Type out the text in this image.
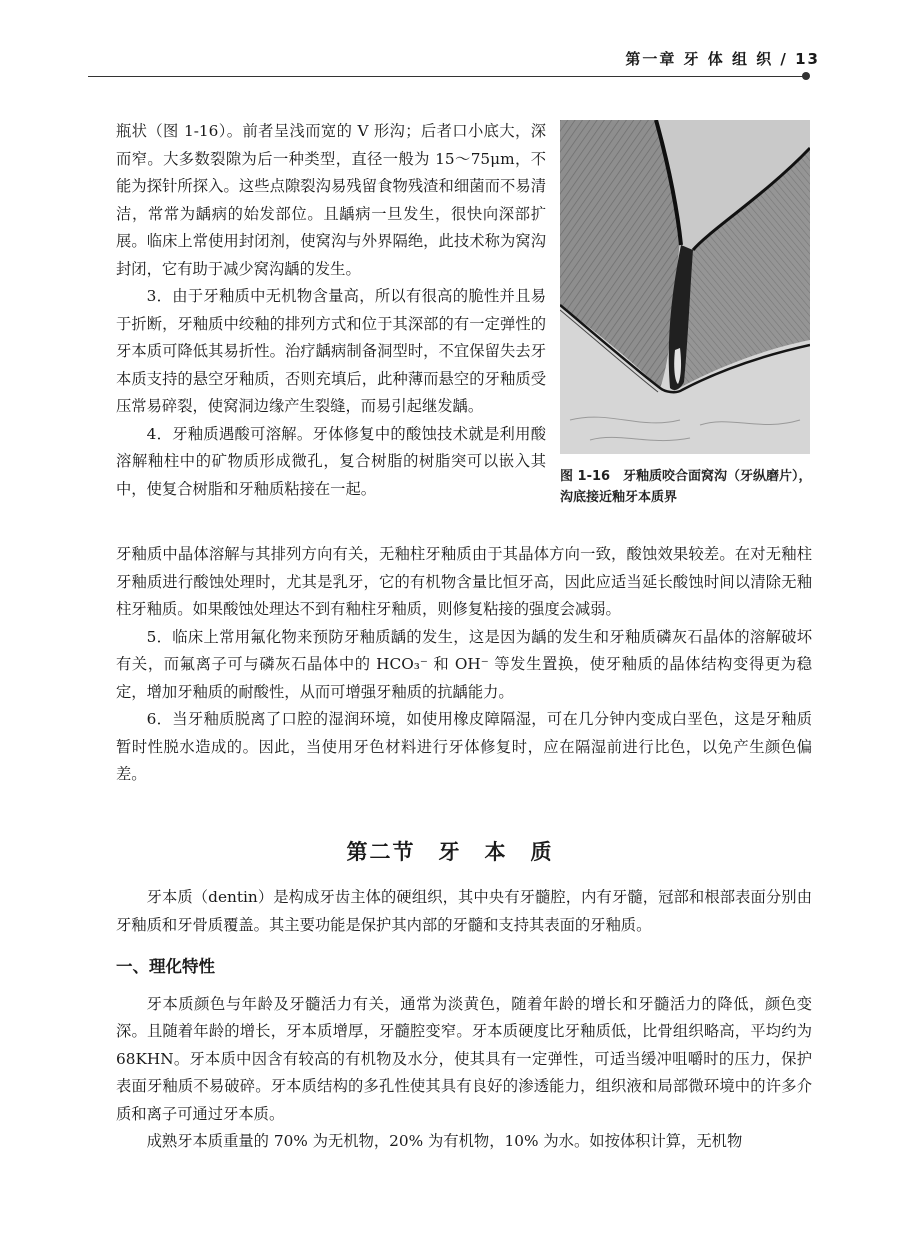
第一章 牙 体 组 织 / 13

瓶状（图 1-16）。前者呈浅而宽的 V 形沟；后者口小底大，深而窄。大多数裂隙为后一种类型，直径一般为 15～75μm，不能为探针所探入。这些点隙裂沟易残留食物残渣和细菌而不易清洁，常常为龋病的始发部位。且龋病一旦发生，很快向深部扩展。临床上常使用封闭剂，使窝沟与外界隔绝，此技术称为窝沟封闭，它有助于减少窝沟龋的发生。

3．由于牙釉质中无机物含量高，所以有很高的脆性并且易于折断，牙釉质中绞釉的排列方式和位于其深部的有一定弹性的牙本质可降低其易折性。治疗龋病制备洞型时，不宜保留失去牙本质支持的悬空牙釉质，否则充填后，此种薄而悬空的牙釉质受压常易碎裂，使窝洞边缘产生裂缝，而易引起继发龋。

4．牙釉质遇酸可溶解。牙体修复中的酸蚀技术就是利用酸溶解釉柱中的矿物质形成微孔，复合树脂的树脂突可以嵌入其中，使复合树脂和牙釉质粘接在一起。

图 1-16　牙釉质咬合面窝沟（牙纵磨片），沟底接近釉牙本质界

牙釉质中晶体溶解与其排列方向有关，无釉柱牙釉质由于其晶体方向一致，酸蚀效果较差。在对无釉柱牙釉质进行酸蚀处理时，尤其是乳牙，它的有机物含量比恒牙高，因此应适当延长酸蚀时间以清除无釉柱牙釉质。如果酸蚀处理达不到有釉柱牙釉质，则修复粘接的强度会减弱。

5．临床上常用氟化物来预防牙釉质龋的发生，这是因为龋的发生和牙釉质磷灰石晶体的溶解破坏有关，而氟离子可与磷灰石晶体中的 HCO₃⁻ 和 OH⁻ 等发生置换，使牙釉质的晶体结构变得更为稳定，增加牙釉质的耐酸性，从而可增强牙釉质的抗龋能力。

6．当牙釉质脱离了口腔的湿润环境，如使用橡皮障隔湿，可在几分钟内变成白垩色，这是牙釉质暂时性脱水造成的。因此，当使用牙色材料进行牙体修复时，应在隔湿前进行比色，以免产生颜色偏差。

第二节　牙　本　质

牙本质（dentin）是构成牙齿主体的硬组织，其中央有牙髓腔，内有牙髓，冠部和根部表面分别由牙釉质和牙骨质覆盖。其主要功能是保护其内部的牙髓和支持其表面的牙釉质。

一、理化特性

牙本质颜色与年龄及牙髓活力有关，通常为淡黄色，随着年龄的增长和牙髓活力的降低，颜色变深。且随着年龄的增长，牙本质增厚，牙髓腔变窄。牙本质硬度比牙釉质低，比骨组织略高，平均约为 68KHN。牙本质中因含有较高的有机物及水分，使其具有一定弹性，可适当缓冲咀嚼时的压力，保护表面牙釉质不易破碎。牙本质结构的多孔性使其具有良好的渗透能力，组织液和局部微环境中的许多介质和离子可通过牙本质。

成熟牙本质重量的 70% 为无机物，20% 为有机物，10% 为水。如按体积计算，无机物
